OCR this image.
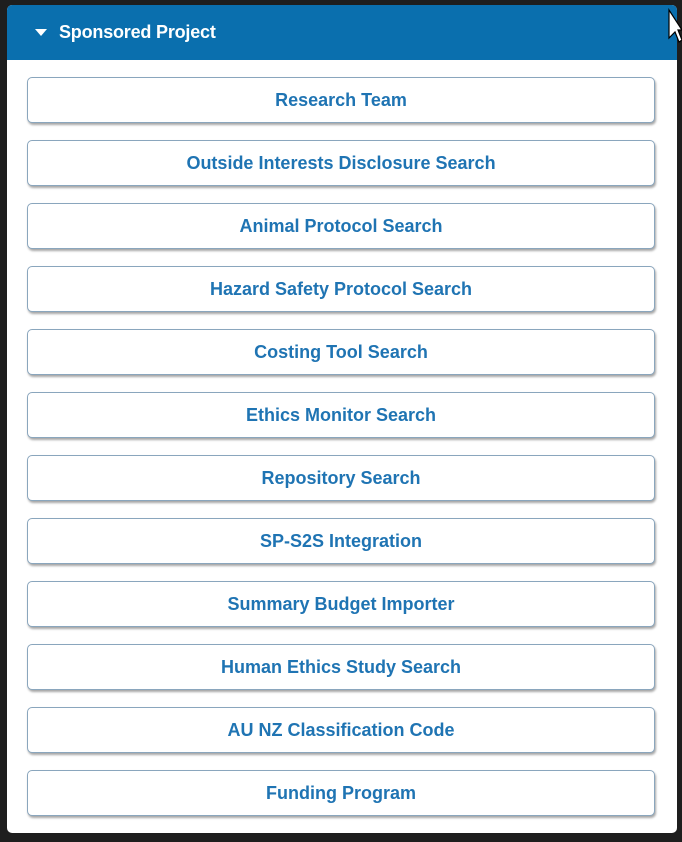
Sponsored Project
Research Team
Outside Interests Disclosure Search
Animal Protocol Search
Hazard Safety Protocol Search
Costing Tool Search
Ethics Monitor Search
Repository Search
SP-S2S Integration
Summary Budget Importer
Human Ethics Study Search
AU NZ Classification Code
Funding Program
